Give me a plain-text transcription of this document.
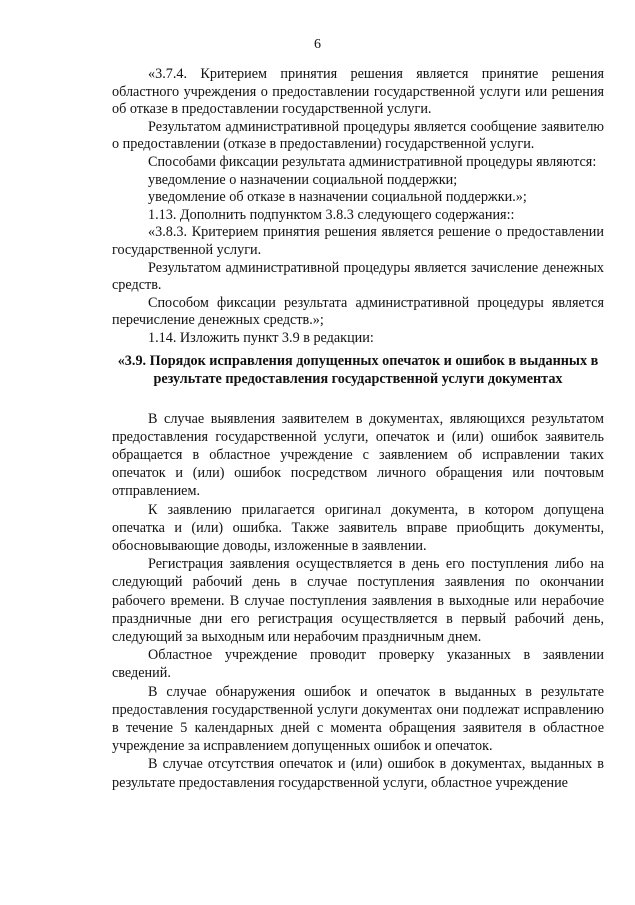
6

«3.7.4. Критерием принятия решения является принятие решения областного учреждения о предоставлении государственной услуги или решения об отказе в предоставлении государственной услуги.

Результатом административной процедуры является сообщение заявителю о предоставлении (отказе в предоставлении) государственной услуги.

Способами фиксации результата административной процедуры являются:

уведомление о назначении социальной поддержки;

уведомление об отказе в назначении социальной поддержки.»;

1.13. Дополнить подпунктом 3.8.3 следующего содержания::

«3.8.3. Критерием принятия решения является решение о предоставлении государственной услуги.

Результатом административной процедуры является зачисление денежных средств.

Способом фиксации результата административной процедуры является перечисление денежных средств.»;

1.14. Изложить пункт 3.9 в редакции:

«3.9. Порядок исправления допущенных опечаток и ошибок в выданных в результате предоставления государственной услуги документах

В случае выявления заявителем в документах, являющихся результатом предоставления государственной услуги, опечаток и (или) ошибок заявитель обращается в областное учреждение с заявлением об исправлении таких опечаток и (или) ошибок посредством личного обращения или почтовым отправлением.

К заявлению прилагается оригинал документа, в котором допущена опечатка и (или) ошибка. Также заявитель вправе приобщить документы, обосновывающие доводы, изложенные в заявлении.

Регистрация заявления осуществляется в день его поступления либо на следующий рабочий день в случае поступления заявления по окончании рабочего времени. В случае поступления заявления в выходные или нерабочие праздничные дни его регистрация осуществляется в первый рабочий день, следующий за выходным или нерабочим праздничным днем.

Областное учреждение проводит проверку указанных в заявлении сведений.

В случае обнаружения ошибок и опечаток в выданных в результате предоставления государственной услуги документах они подлежат исправлению в течение 5 календарных дней с момента обращения заявителя в областное учреждение за исправлением допущенных ошибок и опечаток.

В случае отсутствия опечаток и (или) ошибок в документах, выданных в результате предоставления государственной услуги, областное учреждение
